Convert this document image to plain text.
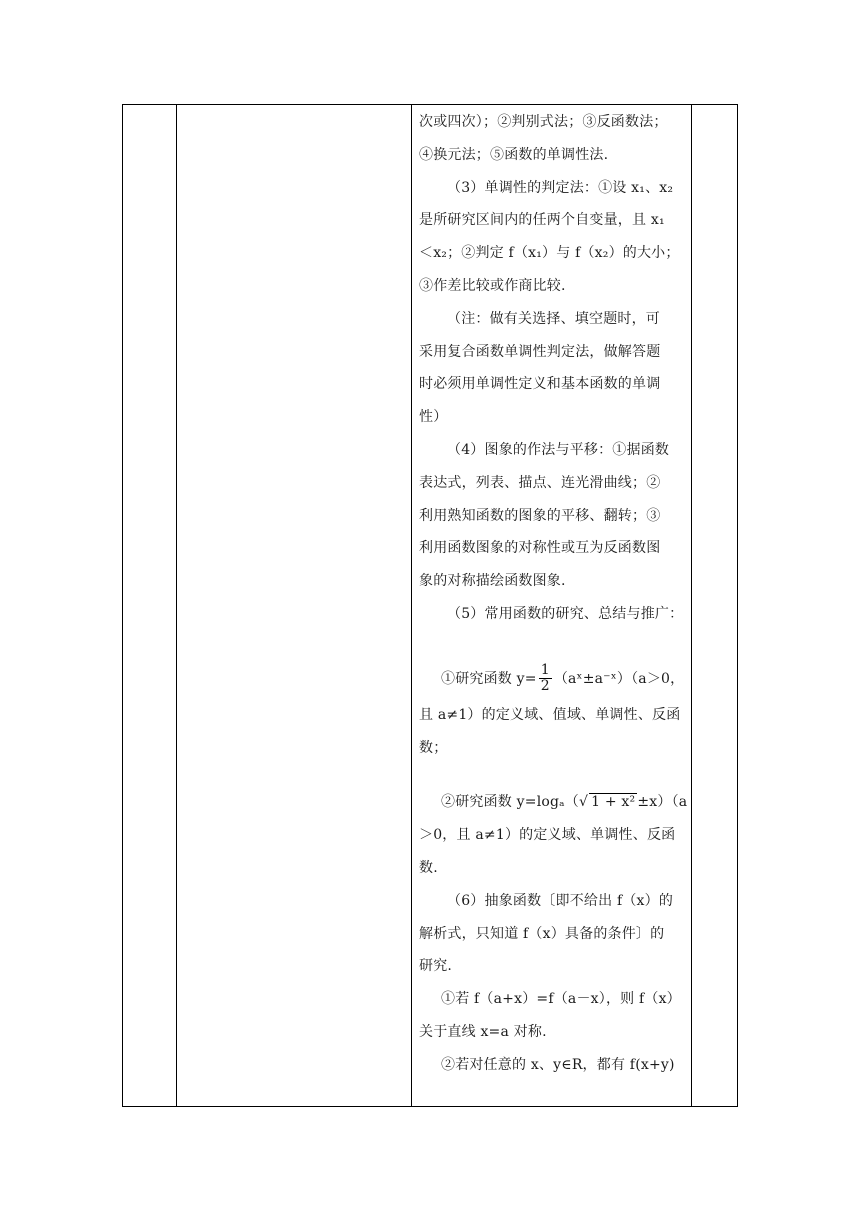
次或四次）；②判别式法；③反函数法；
④换元法；⑤函数的单调性法.
（3）单调性的判定法：①设 x₁、x₂
是所研究区间内的任两个自变量，且 x₁
＜x₂；②判定 f（x₁）与 f（x₂）的大小；
③作差比较或作商比较.
（注：做有关选择、填空题时，可
采用复合函数单调性判定法，做解答题
时必须用单调性定义和基本函数的单调
性）
（4）图象的作法与平移：①据函数
表达式，列表、描点、连光滑曲线；②
利用熟知函数的图象的平移、翻转；③
利用函数图象的对称性或互为反函数图
象的对称描绘函数图象.
（5）常用函数的研究、总结与推广：
①研究函数 $y= \frac{1}{2}$ （aˣ±a⁻ˣ）（a＞0，
且 a≠1）的定义域、值域、单调性、反函
数；
②研究函数 y=logₐ（√ 1 + x² ±x）（a
＞0，且 a≠1）的定义域、单调性、反函
数.
（6）抽象函数〔即不给出 f（x）的
解析式，只知道 f（x）具备的条件〕的
研究.
①若 f（a+x）=f（a－x），则 f（x）
关于直线 x=a 对称.
②若对任意的 x、y∈R，都有 f(x+y)
